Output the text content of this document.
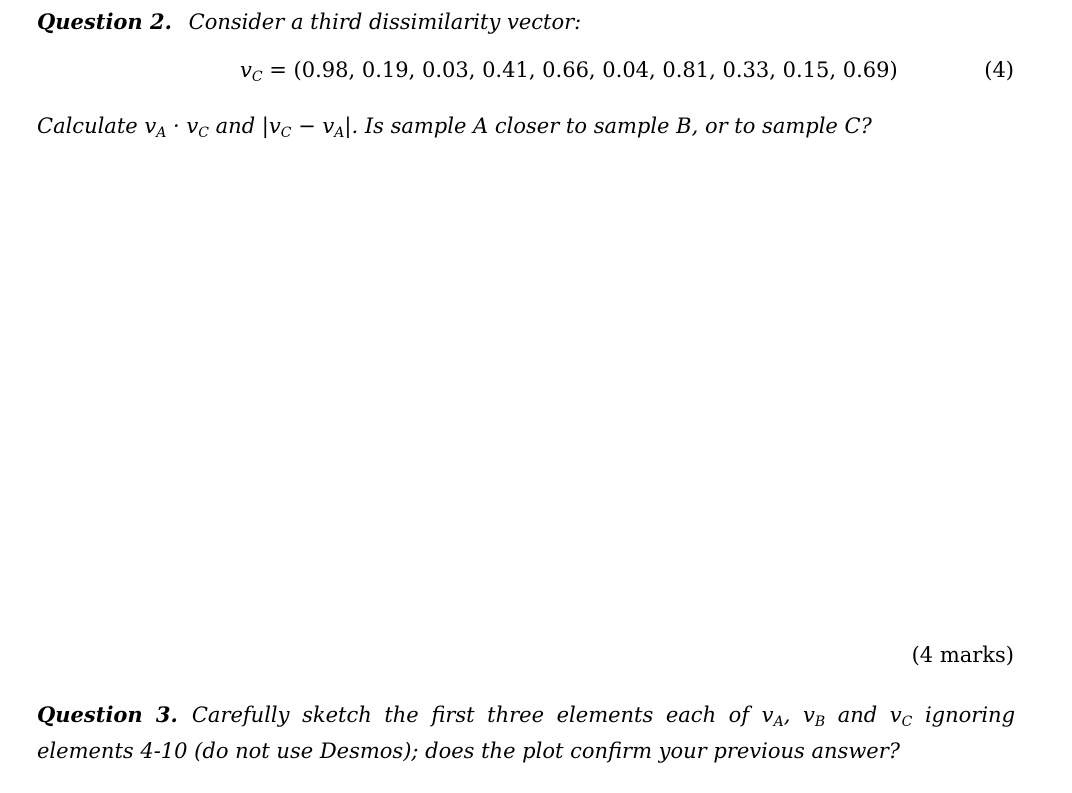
Question 2. Consider a third dissimilarity vector:
$v_C = (0.98$, 0.19, 0.03, 0.41, 0.66, 0.04, 0.81, 0.33, 0.15, 0.69)	(4)
Calculate $v_A \cdot v_C$ and $|v_C - v_A|$. Is sample A closer to sample B, or to sample C?
(4 marks)
Question 3. Carefully sketch the first three elements each of $v_A$, $v_B$ and $v_C$ ignoring elements 4-10 (do not use Desmos); does the plot confirm your previous answer?
